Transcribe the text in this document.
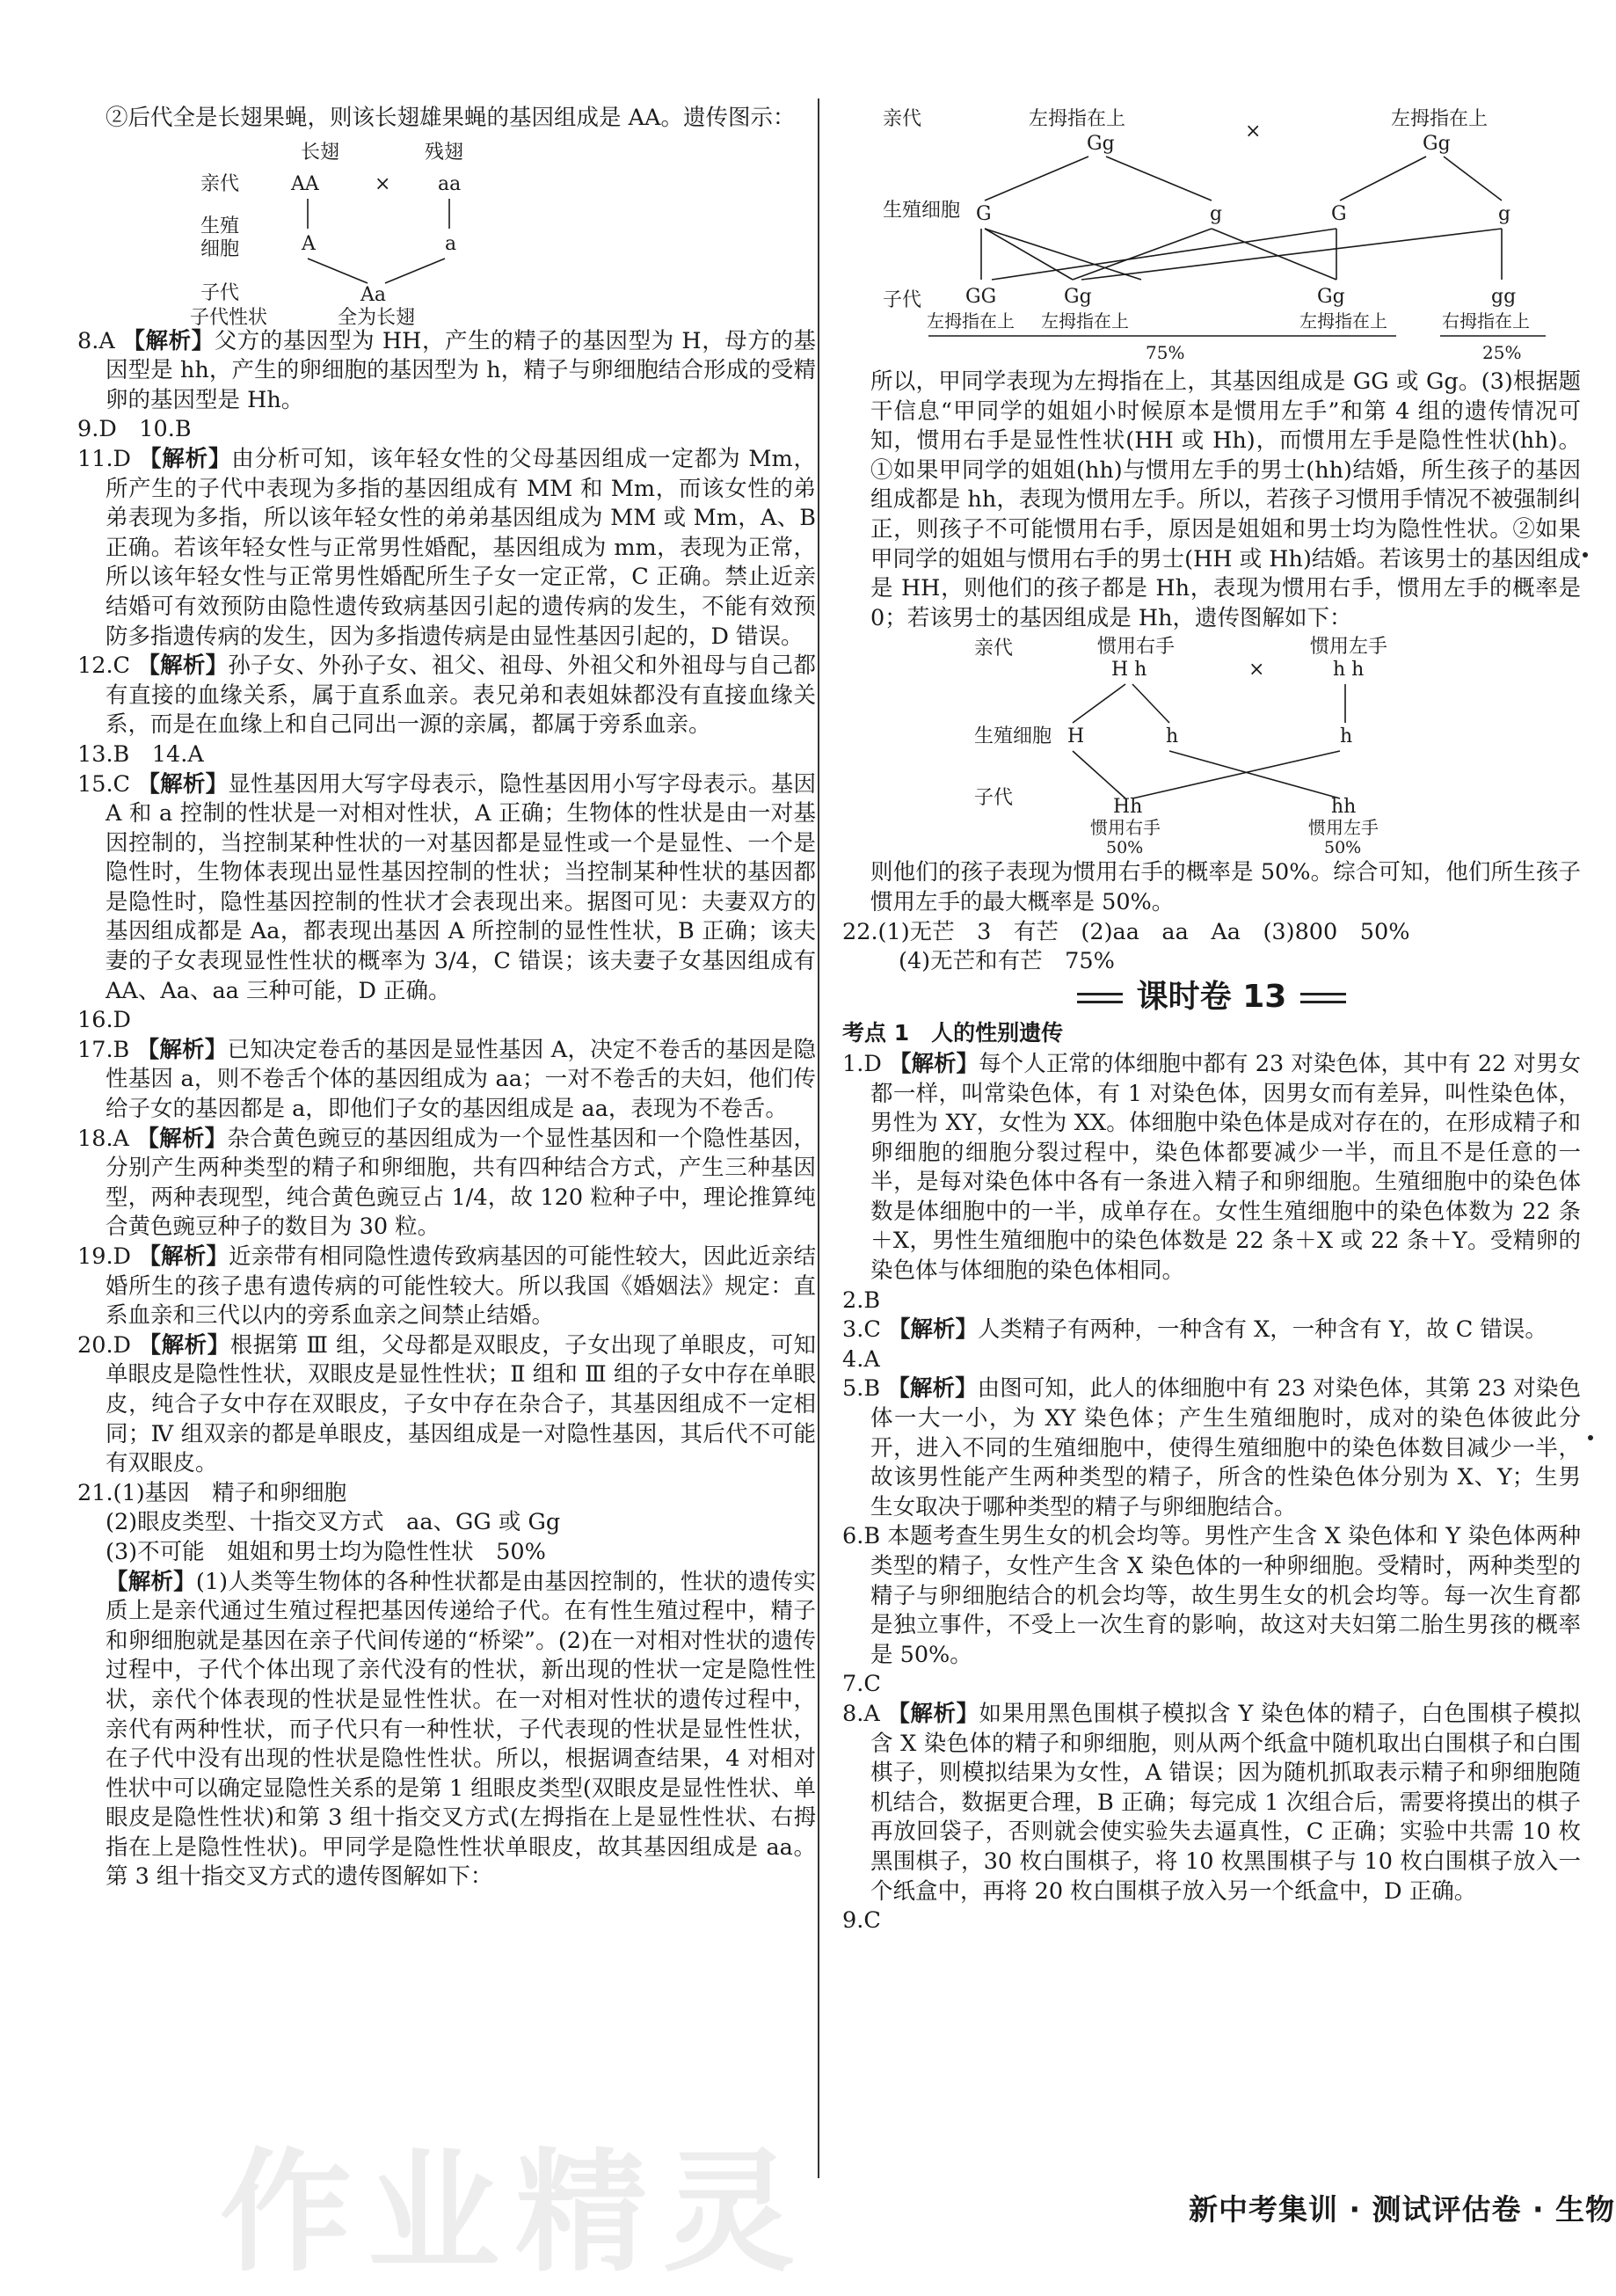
作业精灵

②后代全是长翅果蝇，则该长翅雄果蝇的基因组成是 AA。遗传图示：

长翅	残翅
亲代	AA	× aa
生殖
细胞	A	a
子代	Aa
子代性状	全为长翅

8.A 【解析】父方的基因型为 HH，产生的精子的基因型为 H，母方的基因型是 hh，产生的卵细胞的基因型为 h，精子与卵细胞结合形成的受精卵的基因型是 Hh。

9.D　10.B

11.D 【解析】由分析可知，该年轻女性的父母基因组成一定都为 Mm，所产生的子代中表现为多指的基因组成有 MM 和 Mm，而该女性的弟弟表现为多指，所以该年轻女性的弟弟基因组成为 MM 或 Mm，A、B 正确。若该年轻女性与正常男性婚配，基因组成为 mm，表现为正常，所以该年轻女性与正常男性婚配所生子女一定正常，C 正确。禁止近亲结婚可有效预防由隐性遗传致病基因引起的遗传病的发生，不能有效预防多指遗传病的发生，因为多指遗传病是由显性基因引起的，D 错误。

12.C 【解析】孙子女、外孙子女、祖父、祖母、外祖父和外祖母与自己都有直接的血缘关系，属于直系血亲。表兄弟和表姐妹都没有直接血缘关系，而是在血缘上和自己同出一源的亲属，都属于旁系血亲。

13.B　14.A

15.C 【解析】显性基因用大写字母表示，隐性基因用小写字母表示。基因 A 和 a 控制的性状是一对相对性状，A 正确；生物体的性状是由一对基因控制的，当控制某种性状的一对基因都是显性或一个是显性、一个是隐性时，生物体表现出显性基因控制的性状；当控制某种性状的基因都是隐性时，隐性基因控制的性状才会表现出来。据图可见：夫妻双方的基因组成都是 Aa，都表现出基因 A 所控制的显性性状，B 正确；该夫妻的子女表现显性性状的概率为 3/4，C 错误；该夫妻子女基因组成有 AA、Aa、aa 三种可能，D 正确。

16.D

17.B 【解析】已知决定卷舌的基因是显性基因 A，决定不卷舌的基因是隐性基因 a，则不卷舌个体的基因组成为 aa；一对不卷舌的夫妇，他们传给子女的基因都是 a，即他们子女的基因组成是 aa，表现为不卷舌。

18.A 【解析】杂合黄色豌豆的基因组成为一个显性基因和一个隐性基因，分别产生两种类型的精子和卵细胞，共有四种结合方式，产生三种基因型，两种表现型，纯合黄色豌豆占 1/4，故 120 粒种子中，理论推算纯合黄色豌豆种子的数目为 30 粒。

19.D 【解析】近亲带有相同隐性遗传致病基因的可能性较大，因此近亲结婚所生的孩子患有遗传病的可能性较大。所以我国《婚姻法》规定：直系血亲和三代以内的旁系血亲之间禁止结婚。

20.D 【解析】根据第 Ⅲ 组，父母都是双眼皮，子女出现了单眼皮，可知单眼皮是隐性性状，双眼皮是显性性状；Ⅱ 组和 Ⅲ 组的子女中存在单眼皮，纯合子女中存在双眼皮，子女中存在杂合子，其基因组成不一定相同；Ⅳ 组双亲的都是单眼皮，基因组成是一对隐性基因，其后代不可能有双眼皮。

21.(1)基因　精子和卵细胞

(2)眼皮类型、十指交叉方式　aa、GG 或 Gg

(3)不可能　姐姐和男士均为隐性性状　50%

【解析】(1)人类等生物体的各种性状都是由基因控制的，性状的遗传实质上是亲代通过生殖过程把基因传递给子代。在有性生殖过程中，精子和卵细胞就是基因在亲子代间传递的“桥梁”。(2)在一对相对性状的遗传过程中，子代个体出现了亲代没有的性状，新出现的性状一定是隐性性状，亲代个体表现的性状是显性性状。在一对相对性状的遗传过程中，亲代有两种性状，而子代只有一种性状，子代表现的性状是显性性状，在子代中没有出现的性状是隐性性状。所以，根据调查结果，4 对相对性状中可以确定显隐性关系的是第 1 组眼皮类型(双眼皮是显性性状、单眼皮是隐性性状)和第 3 组十指交叉方式(左拇指在上是显性性状、右拇指在上是隐性性状)。甲同学是隐性性状单眼皮，故其基因组成是 aa。第 3 组十指交叉方式的遗传图解如下：

亲代	左拇指在上
Gg
×
左拇指在上
Gg
生殖细胞 G	g	G	g
子代 GG	Gg	Gg	gg
左拇指在上 左拇指在上	左拇指在上	右拇指在上
75%	25%

所以，甲同学表现为左拇指在上，其基因组成是 GG 或 Gg。(3)根据题干信息“甲同学的姐姐小时候原本是惯用左手”和第 4 组的遗传情况可知，惯用右手是显性性状(HH 或 Hh)，而惯用左手是隐性性状(hh)。①如果甲同学的姐姐(hh)与惯用左手的男士(hh)结婚，所生孩子的基因组成都是 hh，表现为惯用左手。所以，若孩子习惯用手情况不被强制纠正，则孩子不可能惯用右手，原因是姐姐和男士均为隐性性状。②如果甲同学的姐姐与惯用右手的男士(HH 或 Hh)结婚。若该男士的基因组成是 HH，则他们的孩子都是 Hh，表现为惯用右手，惯用左手的概率是 0；若该男士的基因组成是 Hh，遗传图解如下：

亲代	惯用右手
H h	×
惯用左手
h h
生殖细胞 H	h	h
子代	Hh	hh
惯用右手	惯用左手
50%	50%

则他们的孩子表现为惯用右手的概率是 50%。综合可知，他们所生孩子惯用左手的最大概率是 50%。

22.(1)无芒　3　有芒　(2)aa　aa　Aa　(3)800　50%

(4)无芒和有芒　75%

课时卷 13
考点 1　人的性别遗传

1.D 【解析】每个人正常的体细胞中都有 23 对染色体，其中有 22 对男女都一样，叫常染色体，有 1 对染色体，因男女而有差异，叫性染色体，男性为 XY，女性为 XX。体细胞中染色体是成对存在的，在形成精子和卵细胞的细胞分裂过程中，染色体都要减少一半，而且不是任意的一半，是每对染色体中各有一条进入精子和卵细胞。生殖细胞中的染色体数是体细胞中的一半，成单存在。女性生殖细胞中的染色体数为 22 条＋X，男性生殖细胞中的染色体数是 22 条＋X 或 22 条＋Y。受精卵的染色体与体细胞的染色体相同。

2.B

3.C 【解析】人类精子有两种，一种含有 X，一种含有 Y，故 C 错误。

4.A

5.B 【解析】由图可知，此人的体细胞中有 23 对染色体，其第 23 对染色体一大一小，为 XY 染色体；产生生殖细胞时，成对的染色体彼此分开，进入不同的生殖细胞中，使得生殖细胞中的染色体数目减少一半，故该男性能产生两种类型的精子，所含的性染色体分别为 X、Y；生男生女取决于哪种类型的精子与卵细胞结合。

6.B 本题考查生男生女的机会均等。男性产生含 X 染色体和 Y 染色体两种类型的精子，女性产生含 X 染色体的一种卵细胞。受精时，两种类型的精子与卵细胞结合的机会均等，故生男生女的机会均等。每一次生育都是独立事件，不受上一次生育的影响，故这对夫妇第二胎生男孩的概率是 50%。

7.C

8.A 【解析】如果用黑色围棋子模拟含 Y 染色体的精子，白色围棋子模拟含 X 染色体的精子和卵细胞，则从两个纸盒中随机取出白围棋子和白围棋子，则模拟结果为女性，A 错误；因为随机抓取表示精子和卵细胞随机结合，数据更合理，B 正确；每完成 1 次组合后，需要将摸出的棋子再放回袋子，否则就会使实验失去逼真性，C 正确；实验中共需 10 枚黑围棋子，30 枚白围棋子，将 10 枚黑围棋子与 10 枚白围棋子放入一个纸盒中，再将 20 枚白围棋子放入另一个纸盒中，D 正确。

9.C

新中考集训 · 测试评估卷 · 生物
